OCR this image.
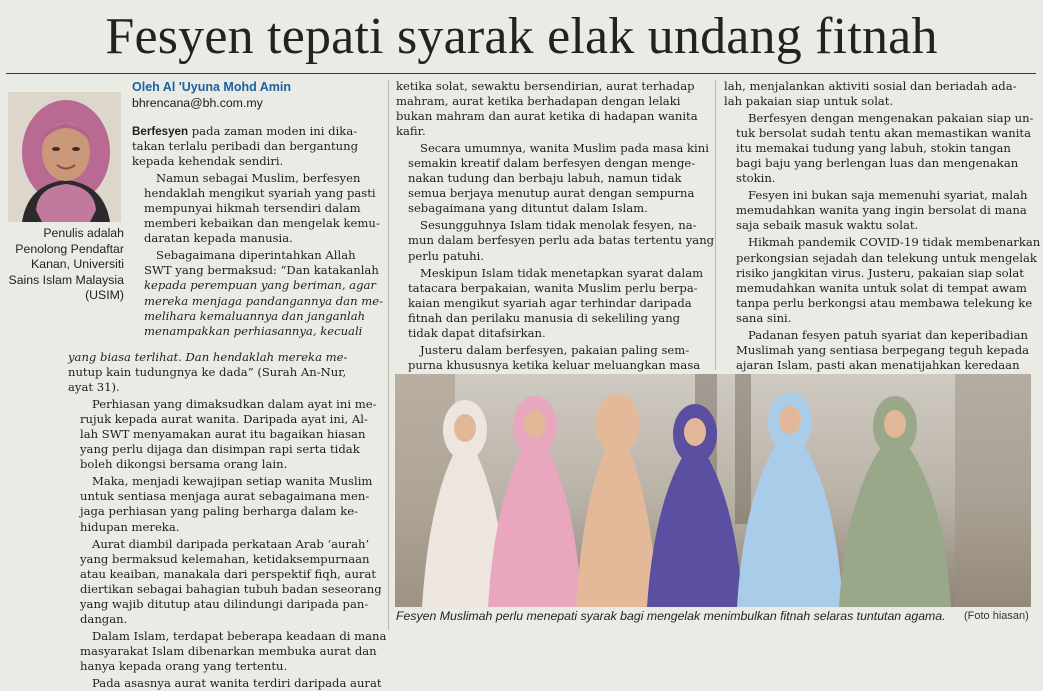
Fesyen tepati syarak elak undang fitnah
Penulis adalah
Penolong Pendaftar
Kanan, Universiti
Sains Islam Malaysia
(USIM)
Oleh Al 'Uyuna Mohd Amin
bhrencana@bh.com.my

Berfesyen pada zaman moden ini dika-
takan terlalu peribadi dan bergantung
kepada kehendak sendiri.

Namun sebagai Muslim, berfesyen
hendaklah mengikut syariah yang pasti
mempunyai hikmah tersendiri dalam
memberi kebaikan dan mengelak kemu-
daratan kepada manusia.

Sebagaimana diperintahkan Allah
SWT yang bermaksud: “Dan katakanlah
kepada perempuan yang beriman, agar
mereka menjaga pandangannya dan me-
melihara kemaluannya dan janganlah
menampakkan perhiasannya, kecuali

yang biasa terlihat. Dan hendaklah mereka me-
nutup kain tudungnya ke dada” (Surah An-Nur,
ayat 31).

Perhiasan yang dimaksudkan dalam ayat ini me-
rujuk kepada aurat wanita. Daripada ayat ini, Al-
lah SWT menyamakan aurat itu bagaikan hiasan
yang perlu dijaga dan disimpan rapi serta tidak
boleh dikongsi bersama orang lain.

Maka, menjadi kewajipan setiap wanita Muslim
untuk sentiasa menjaga aurat sebagaimana men-
jaga perhiasan yang paling berharga dalam ke-
hidupan mereka.

Aurat diambil daripada perkataan Arab ‘aurah’
yang bermaksud kelemahan, ketidaksempurnaan
atau keaiban, manakala dari perspektif fiqh, aurat
diertikan sebagai bahagian tubuh badan seseorang
yang wajib ditutup atau dilindungi daripada pan-
dangan.

Dalam Islam, terdapat beberapa keadaan di mana
masyarakat Islam dibenarkan membuka aurat dan
hanya kepada orang yang tertentu.

Pada asasnya aurat wanita terdiri daripada aurat

ketika solat, sewaktu bersendirian, aurat terhadap
mahram, aurat ketika berhadapan dengan lelaki
bukan mahram dan aurat ketika di hadapan wanita
kafir.

Secara umumnya, wanita Muslim pada masa kini
semakin kreatif dalam berfesyen dengan menge-
nakan tudung dan berbaju labuh, namun tidak
semua berjaya menutup aurat dengan sempurna
sebagaimana yang dituntut dalam Islam.

Sesungguhnya Islam tidak menolak fesyen, na-
mun dalam berfesyen perlu ada batas tertentu yang
perlu patuhi.

Meskipun Islam tidak menetapkan syarat dalam
tatacara berpakaian, wanita Muslim perlu berpa-
kaian mengikut syariah agar terhindar daripada
fitnah dan perilaku manusia di sekeliling yang
tidak dapat ditafsirkan.

Justeru dalam berfesyen, pakaian paling sem-
purna khususnya ketika keluar meluangkan masa

lah, menjalankan aktiviti sosial dan beriadah ada-
lah pakaian siap untuk solat.

Berfesyen dengan mengenakan pakaian siap un-
tuk bersolat sudah tentu akan memastikan wanita
itu memakai tudung yang labuh, stokin tangan
bagi baju yang berlengan luas dan mengenakan
stokin.

Fesyen ini bukan saja memenuhi syariat, malah
memudahkan wanita yang ingin bersolat di mana
saja sebaik masuk waktu solat.

Hikmah pandemik COVID-19 tidak membenarkan
perkongsian sejadah dan telekung untuk mengelak
risiko jangkitan virus. Justeru, pakaian siap solat
memudahkan wanita untuk solat di tempat awam
tanpa perlu berkongsi atau membawa telekung ke
sana sini.

Padanan fesyen patuh syariat dan keperibadian
Muslimah yang sentiasa berpegang teguh kepada
ajaran Islam, pasti akan menatijahkan keredaan

Fesyen Muslimah perlu menepati syarak bagi mengelak menimbulkan fitnah selaras tuntutan agama.	(Foto hiasan)
